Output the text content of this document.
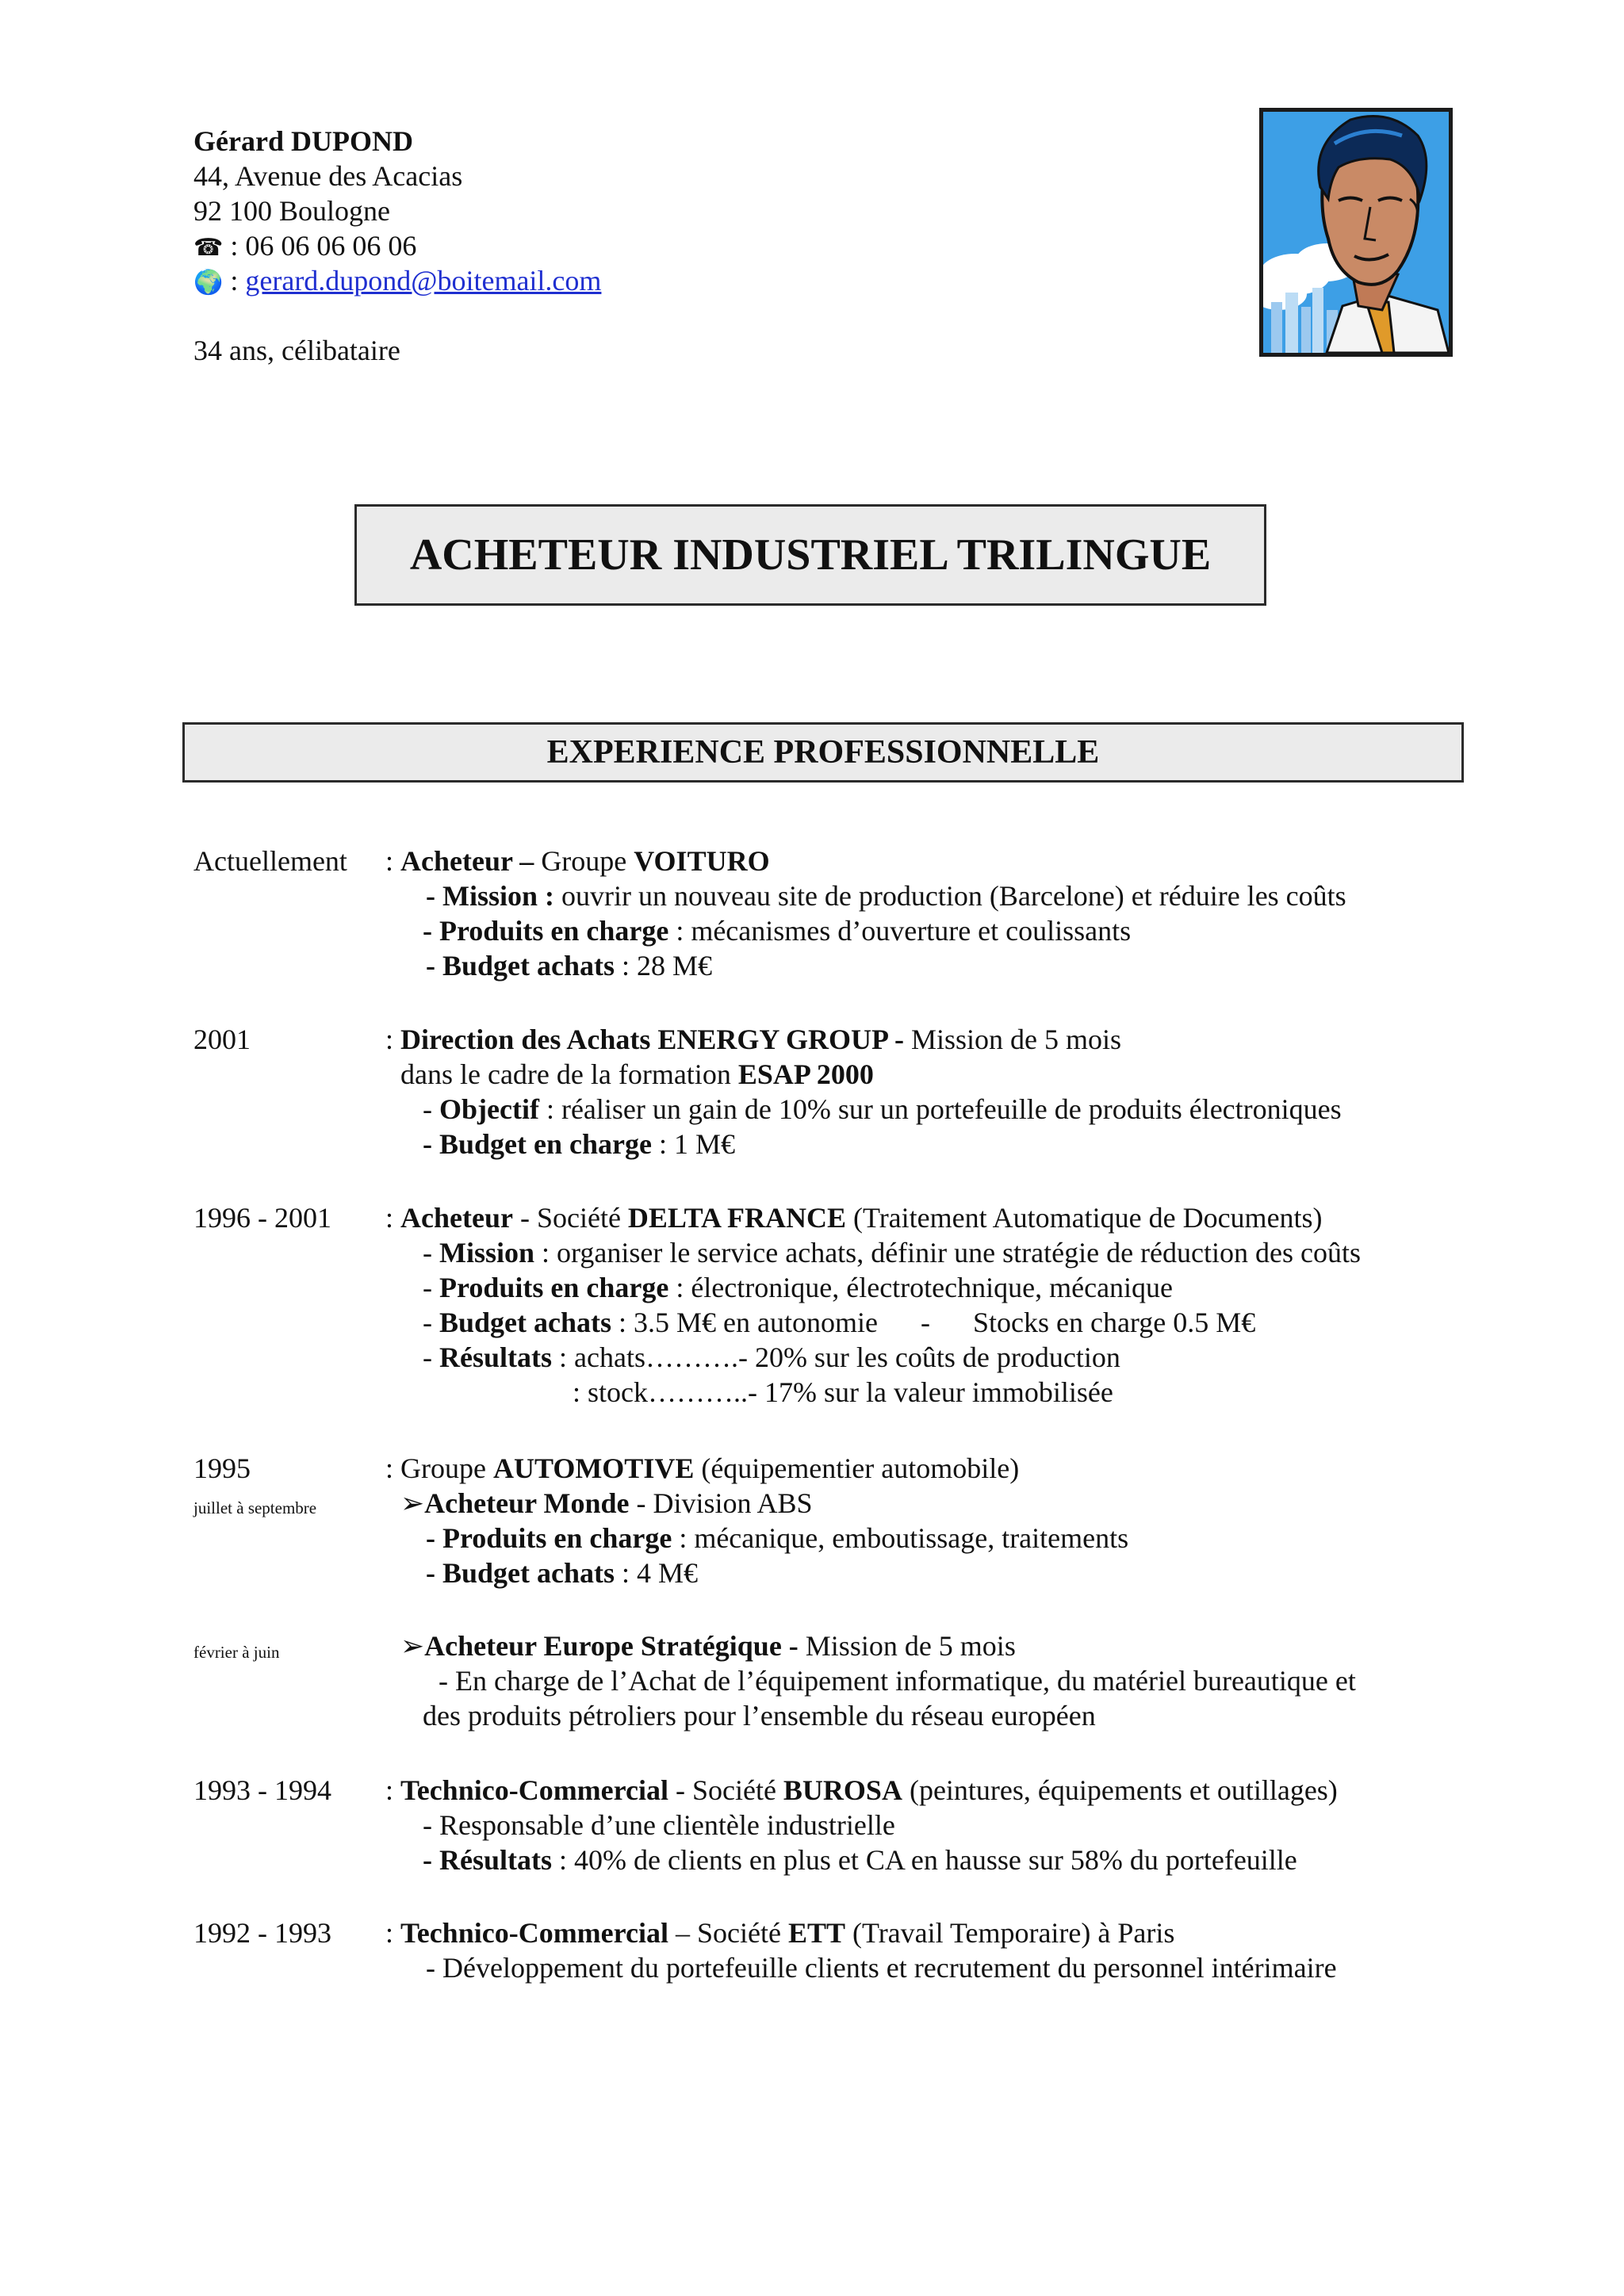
Gérard DUPOND
44, Avenue des Acacias
92 100 Boulogne
☎ : 06 06 06 06 06
🌍 : gerard.dupond@boitemail.com
34 ans, célibataire
ACHETEUR INDUSTRIEL TRILINGUE
EXPERIENCE PROFESSIONNELLE
Actuellement : Acheteur – Groupe VOITURO
- Mission : ouvrir un nouveau site de production (Barcelone) et réduire les coûts
- Produits en charge : mécanismes d’ouverture et coulissants
- Budget achats : 28 M€
2001	: Direction des Achats ENERGY GROUP - Mission de 5 mois
dans le cadre de la formation ESAP 2000
- Objectif : réaliser un gain de 10% sur un portefeuille de produits électroniques
- Budget en charge : 1 M€
1996 - 2001 : Acheteur - Société DELTA FRANCE (Traitement Automatique de Documents)
- Mission : organiser le service achats, définir une stratégie de réduction des coûts
- Produits en charge : électronique, électrotechnique, mécanique
- Budget achats : 3.5 M€ en autonomie      -      Stocks en charge 0.5 M€
- Résultats : achats……….- 20% sur les coûts de production
: stock………..- 17% sur la valeur immobilisée
1995
juillet à septembre
: Groupe AUTOMOTIVE (équipementier automobile)
➢Acheteur Monde - Division ABS
- Produits en charge : mécanique, emboutissage, traitements
- Budget achats : 4 M€
février à juin	➢Acheteur Europe Stratégique - Mission de 5 mois
- En charge de l’Achat de l’équipement informatique, du matériel bureautique et
des produits pétroliers pour l’ensemble du réseau européen
1993 - 1994 : Technico-Commercial - Société BUROSA (peintures, équipements et outillages)
- Responsable d’une clientèle industrielle
- Résultats : 40% de clients en plus et CA en hausse sur 58% du portefeuille
1992 - 1993 : Technico-Commercial – Société ETT (Travail Temporaire) à Paris
- Développement du portefeuille clients et recrutement du personnel intérimaire
